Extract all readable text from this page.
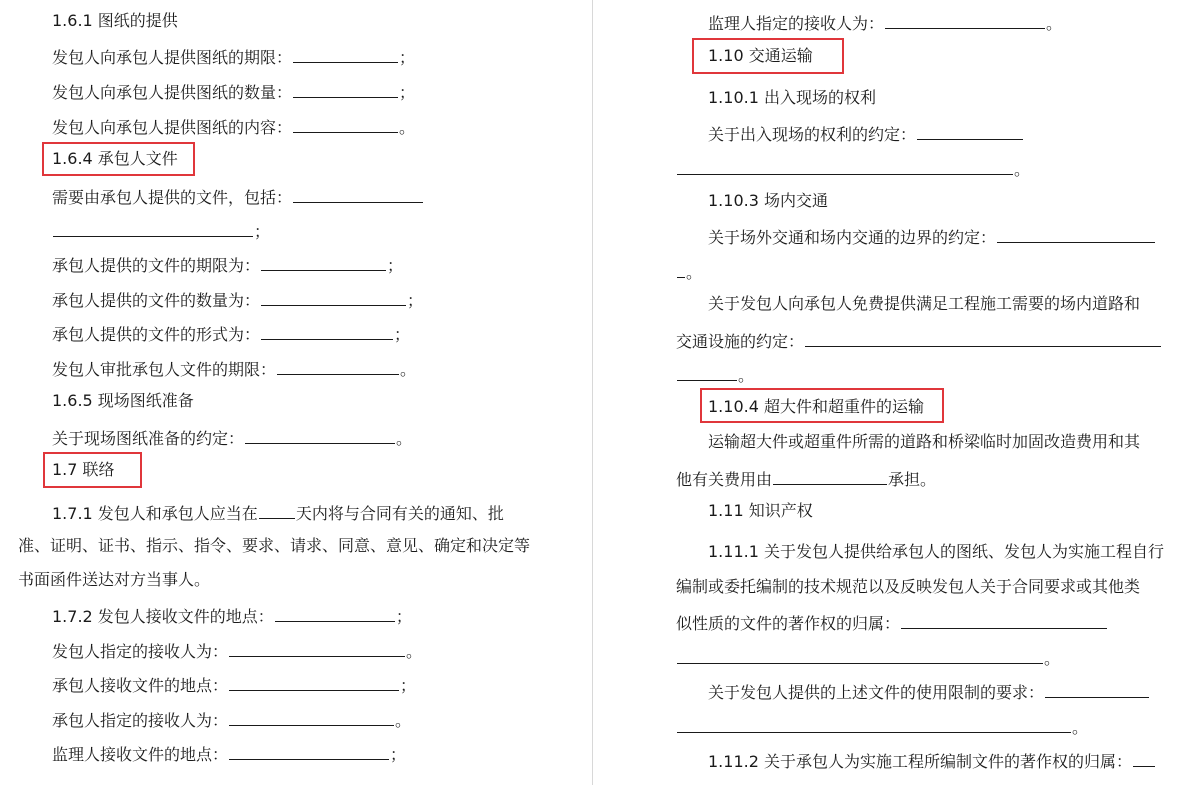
1.6.1 图纸的提供
发包人向承包人提供图纸的期限：	；
发包人向承包人提供图纸的数量：	；
发包人向承包人提供图纸的内容：	。
1.6.4 承包人文件
需要由承包人提供的文件，包括：
；
承包人提供的文件的期限为：	；
承包人提供的文件的数量为：	；
承包人提供的文件的形式为：	；
发包人审批承包人文件的期限：	。
1.6.5 现场图纸准备
关于现场图纸准备的约定：	。
1.7 联络
1.7.1 发包人和承包人应当在 天内将与合同有关的通知、批
准、证明、证书、指示、指令、要求、请求、同意、意见、确定和决定等
书面函件送达对方当事人。
1.7.2 发包人接收文件的地点：	；
发包人指定的接收人为：	。
承包人接收文件的地点：	；
承包人指定的接收人为：	。
监理人接收文件的地点：	；
监理人指定的接收人为：	。
1.10 交通运输
1.10.1 出入现场的权利
关于出入现场的权利的约定：
。
1.10.3 场内交通
关于场外交通和场内交通的边界的约定：
。
关于发包人向承包人免费提供满足工程施工需要的场内道路和
交通设施的约定：
。
1.10.4 超大件和超重件的运输
运输超大件或超重件所需的道路和桥梁临时加固改造费用和其
他有关费用由	承担。
1.11 知识产权
1.11.1 关于发包人提供给承包人的图纸、发包人为实施工程自行
编制或委托编制的技术规范以及反映发包人关于合同要求或其他类
似性质的文件的著作权的归属：
。
关于发包人提供的上述文件的使用限制的要求：
。
1.11.2 关于承包人为实施工程所编制文件的著作权的归属：
